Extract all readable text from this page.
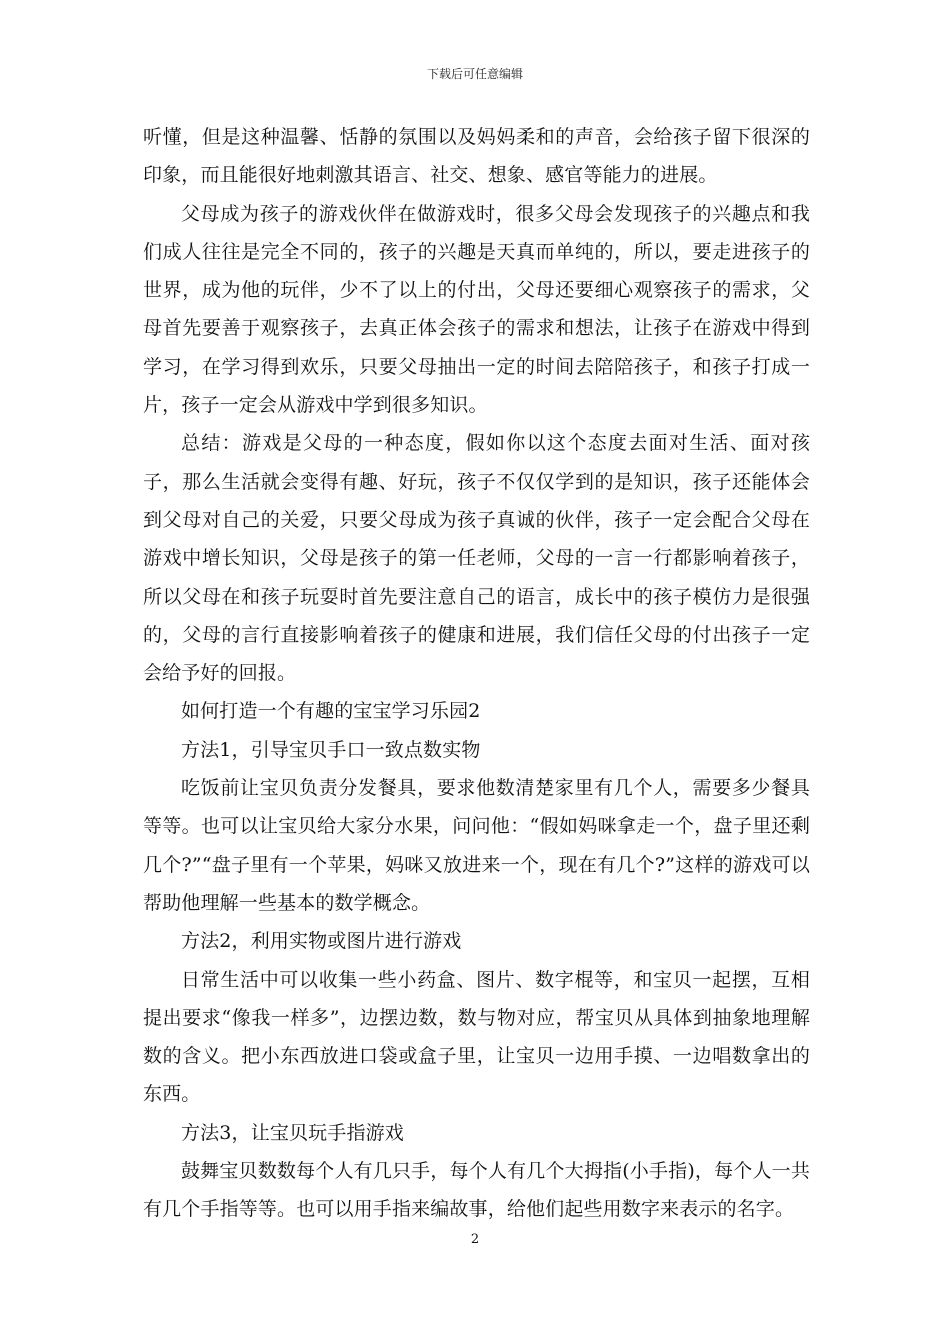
下载后可任意编辑

听懂，但是这种温馨、恬静的氛围以及妈妈柔和的声音，会给孩子留下很深的印象，而且能很好地刺激其语言、社交、想象、感官等能力的进展。

父母成为孩子的游戏伙伴在做游戏时，很多父母会发现孩子的兴趣点和我们成人往往是完全不同的，孩子的兴趣是天真而单纯的，所以，要走进孩子的世界，成为他的玩伴，少不了以上的付出，父母还要细心观察孩子的需求，父母首先要善于观察孩子，去真正体会孩子的需求和想法，让孩子在游戏中得到学习，在学习得到欢乐，只要父母抽出一定的时间去陪陪孩子，和孩子打成一片，孩子一定会从游戏中学到很多知识。

总结：游戏是父母的一种态度，假如你以这个态度去面对生活、面对孩子，那么生活就会变得有趣、好玩，孩子不仅仅学到的是知识，孩子还能体会到父母对自己的关爱，只要父母成为孩子真诚的伙伴，孩子一定会配合父母在游戏中增长知识，父母是孩子的第一任老师，父母的一言一行都影响着孩子，所以父母在和孩子玩耍时首先要注意自己的语言，成长中的孩子模仿力是很强的，父母的言行直接影响着孩子的健康和进展，我们信任父母的付出孩子一定会给予好的回报。

如何打造一个有趣的宝宝学习乐园2

方法1，引导宝贝手口一致点数实物

吃饭前让宝贝负责分发餐具，要求他数清楚家里有几个人，需要多少餐具等等。也可以让宝贝给大家分水果，问问他：“假如妈咪拿走一个，盘子里还剩几个?”“盘子里有一个苹果，妈咪又放进来一个，现在有几个?”这样的游戏可以帮助他理解一些基本的数学概念。

方法2，利用实物或图片进行游戏

日常生活中可以收集一些小药盒、图片、数字棍等，和宝贝一起摆，互相提出要求“像我一样多”，边摆边数，数与物对应，帮宝贝从具体到抽象地理解数的含义。把小东西放进口袋或盒子里，让宝贝一边用手摸、一边唱数拿出的东西。

方法3，让宝贝玩手指游戏

鼓舞宝贝数数每个人有几只手，每个人有几个大拇指(小手指)，每个人一共有几个手指等等。也可以用手指来编故事，给他们起些用数字来表示的名字。

2
